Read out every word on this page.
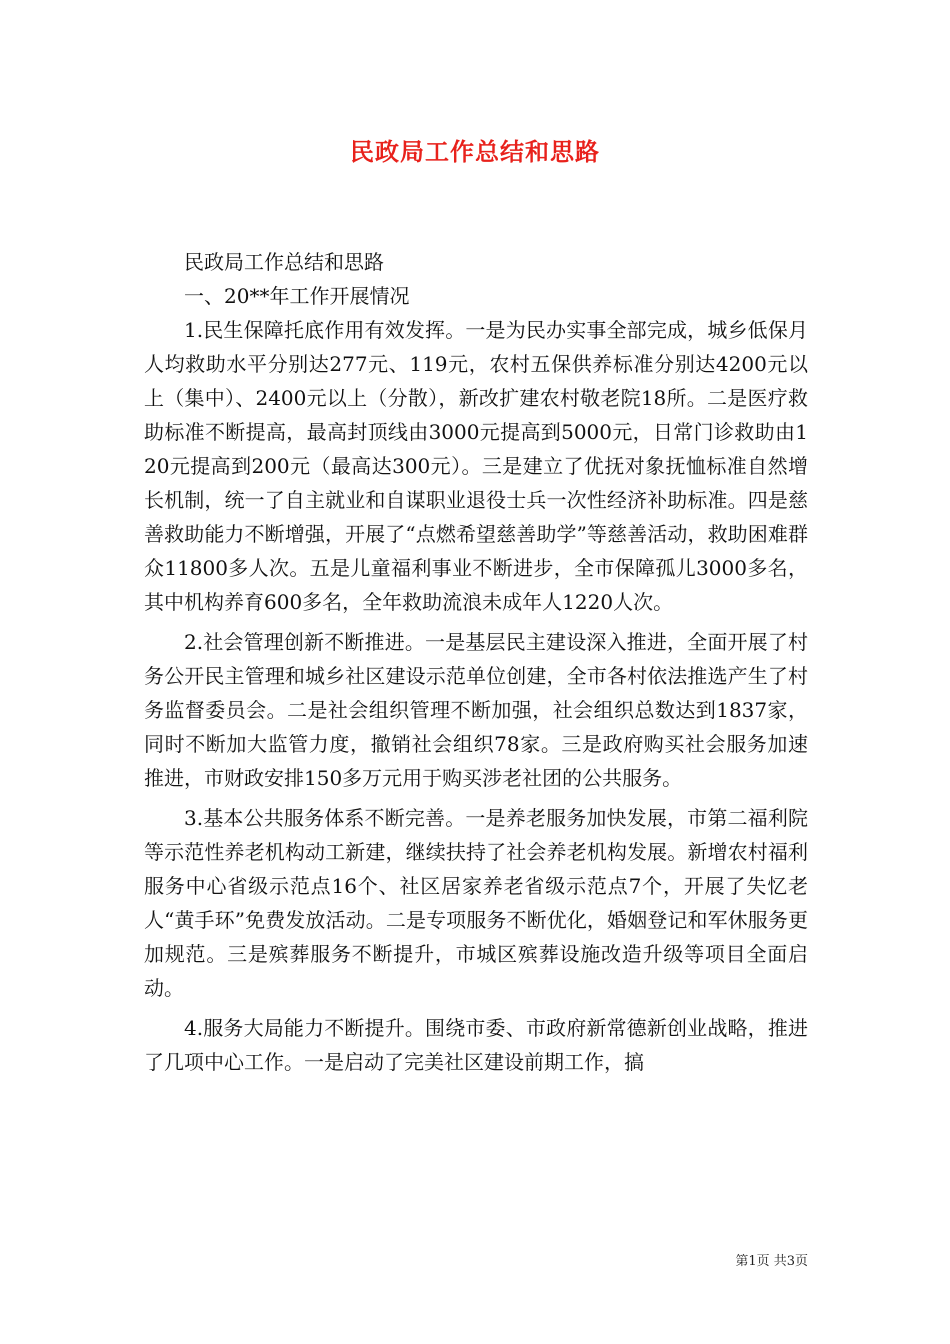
民政局工作总结和思路

民政局工作总结和思路

一、20**年工作开展情况

1.民生保障托底作用有效发挥。一是为民办实事全部完成，城乡低保月人均救助水平分别达277元、119元，农村五保供养标准分别达4200元以上（集中）、2400元以上（分散），新改扩建农村敬老院18所。二是医疗救助标准不断提高，最高封顶线由3000元提高到5000元，日常门诊救助由120元提高到200元（最高达300元）。三是建立了优抚对象抚恤标准自然增长机制，统一了自主就业和自谋职业退役士兵一次性经济补助标准。四是慈善救助能力不断增强，开展了“点燃希望慈善助学”等慈善活动，救助困难群众11800多人次。五是儿童福利事业不断进步，全市保障孤儿3000多名，其中机构养育600多名，全年救助流浪未成年人1220人次。

2.社会管理创新不断推进。一是基层民主建设深入推进，全面开展了村务公开民主管理和城乡社区建设示范单位创建，全市各村依法推选产生了村务监督委员会。二是社会组织管理不断加强，社会组织总数达到1837家，同时不断加大监管力度，撤销社会组织78家。三是政府购买社会服务加速推进，市财政安排150多万元用于购买涉老社团的公共服务。

3.基本公共服务体系不断完善。一是养老服务加快发展，市第二福利院等示范性养老机构动工新建，继续扶持了社会养老机构发展。新增农村福利服务中心省级示范点16个、社区居家养老省级示范点7个，开展了失忆老人“黄手环”免费发放活动。二是专项服务不断优化，婚姻登记和军休服务更加规范。三是殡葬服务不断提升，市城区殡葬设施改造升级等项目全面启动。

4.服务大局能力不断提升。围绕市委、市政府新常德新创业战略，推进了几项中心工作。一是启动了完美社区建设前期工作，搞

第1页 共3页
